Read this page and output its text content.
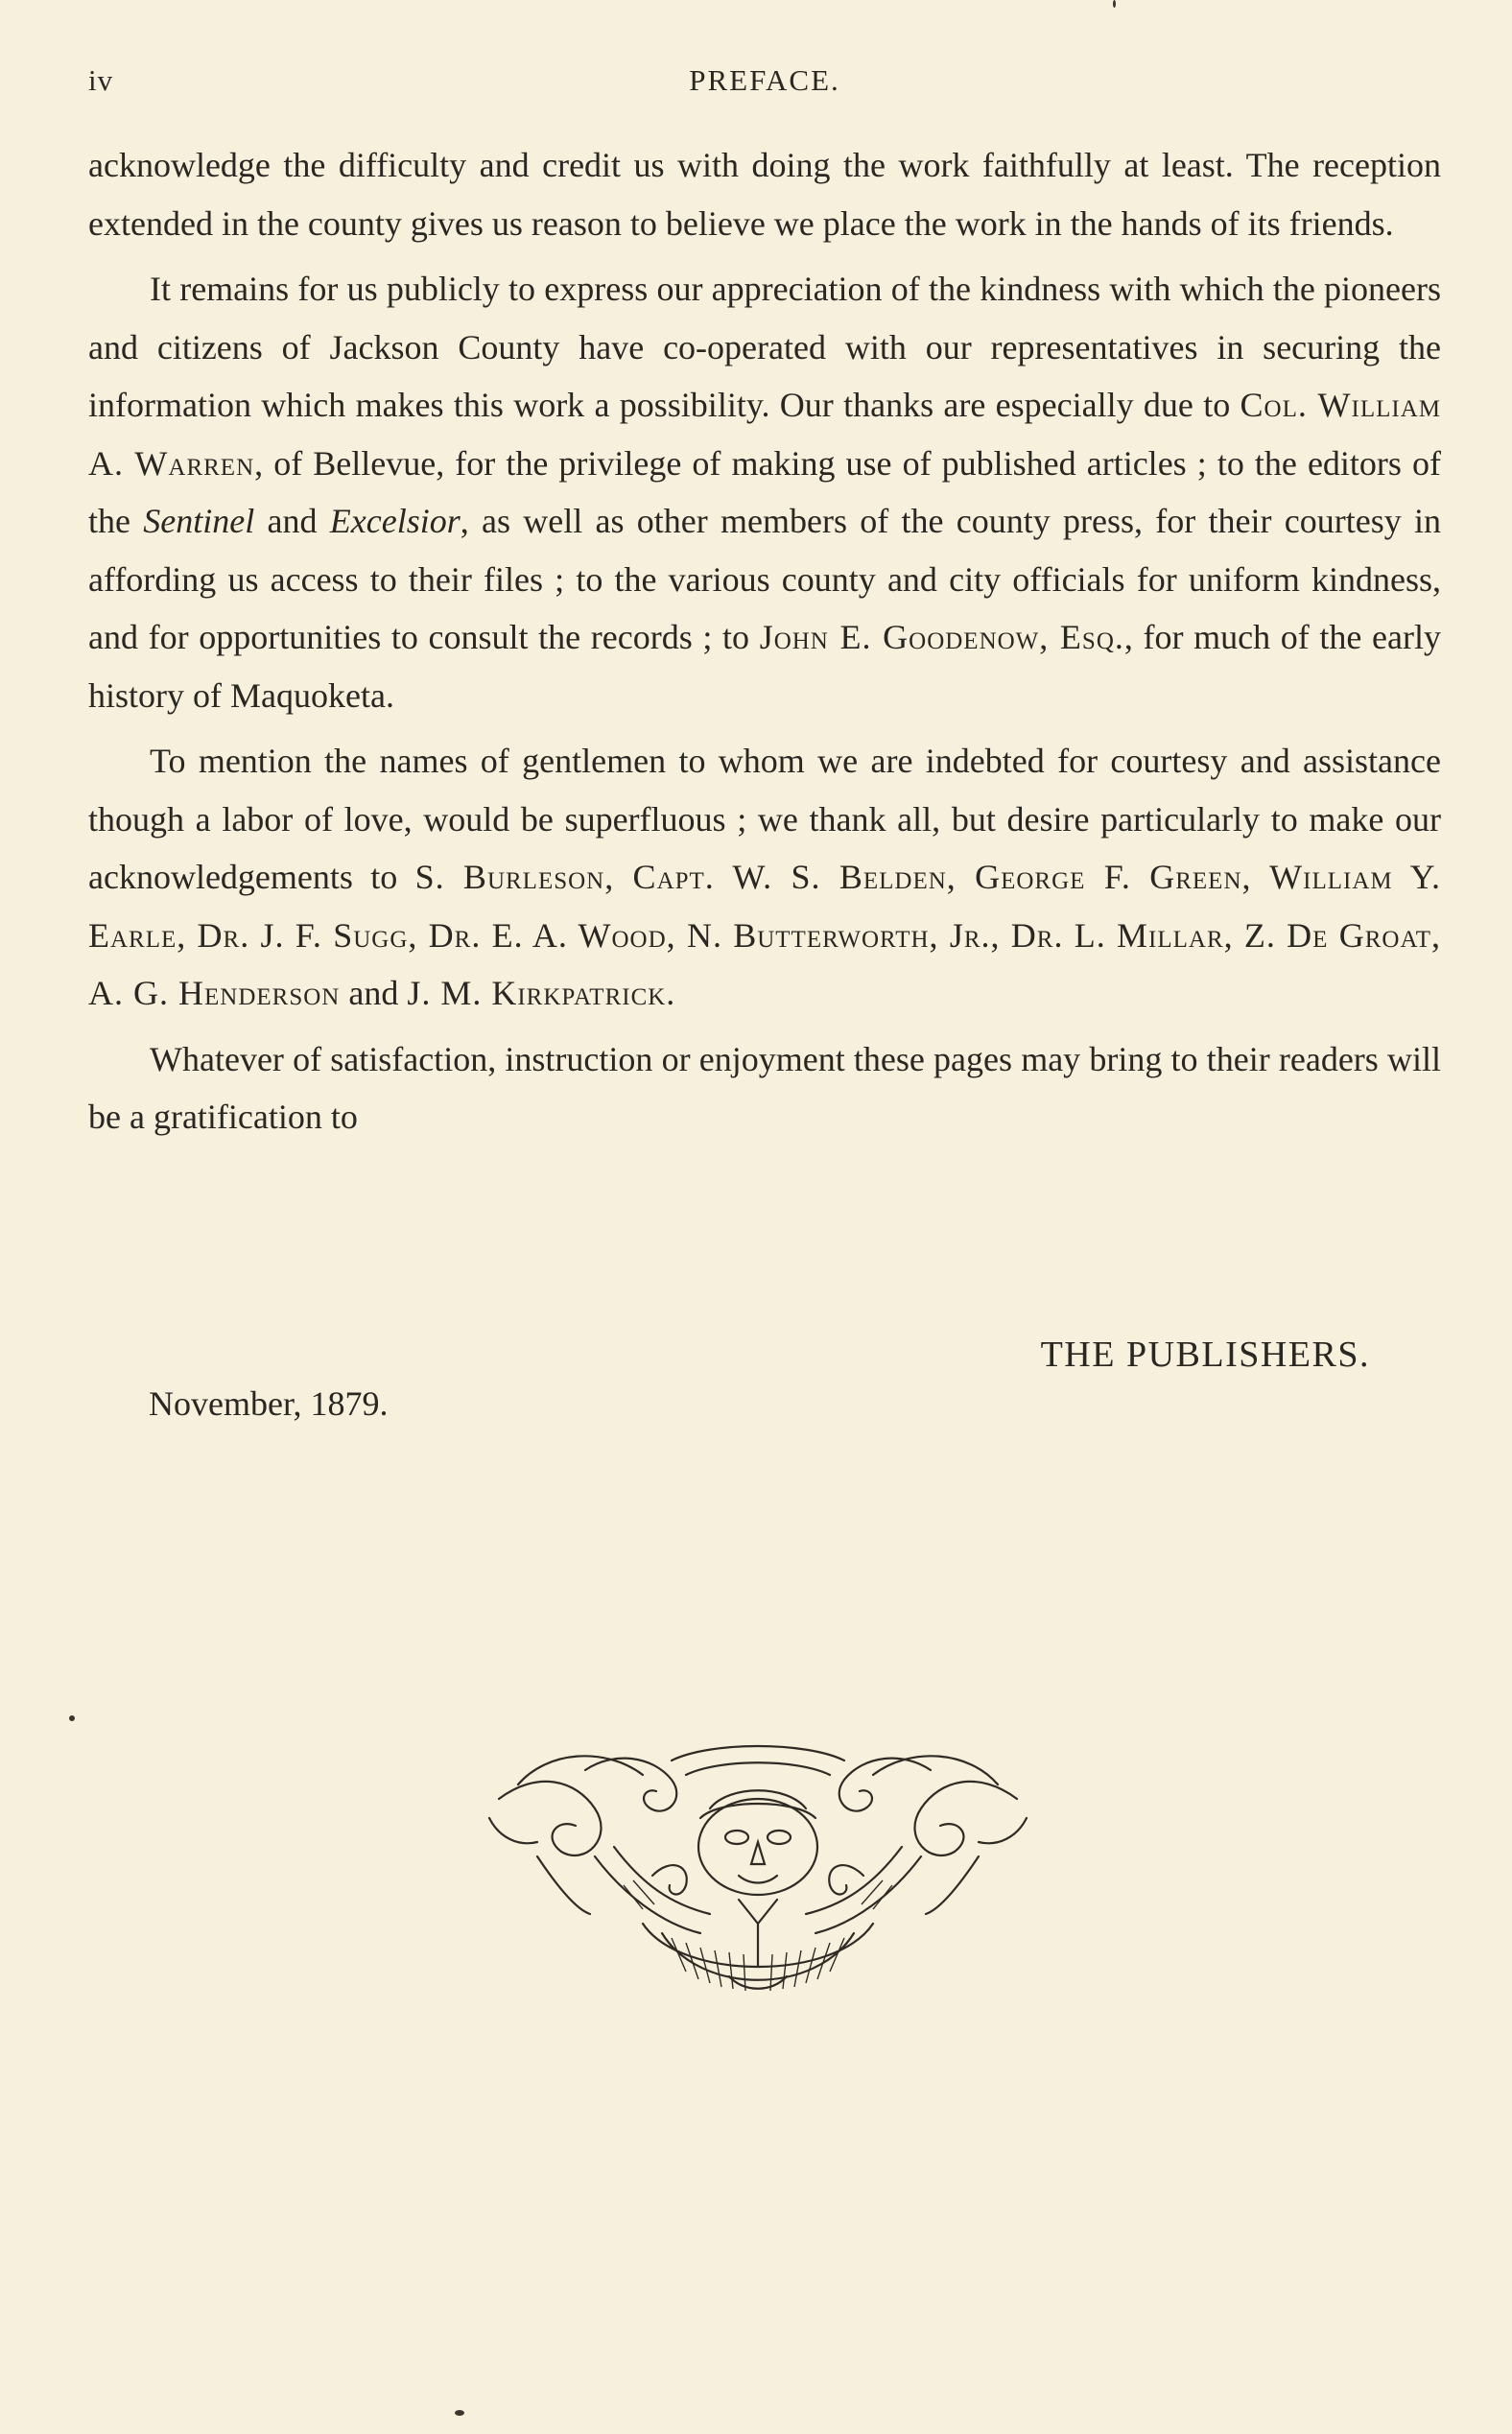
iv	PREFACE.

acknowledge the difficulty and credit us with doing the work faithfully at least. The reception extended in the county gives us reason to believe we place the work in the hands of its friends.

It remains for us publicly to express our appreciation of the kindness with which the pioneers and citizens of Jackson County have co-operated with our representatives in securing the information which makes this work a possibility. Our thanks are especially due to Col. William A. Warren, of Bellevue, for the privilege of making use of published articles ; to the editors of the Sentinel and Excelsior, as well as other members of the county press, for their courtesy in affording us access to their files ; to the various county and city officials for uniform kindness, and for opportunities to consult the records ; to John E. Goodenow, Esq., for much of the early history of Maquoketa.

To mention the names of gentlemen to whom we are indebted for courtesy and assistance though a labor of love, would be superfluous ; we thank all, but desire particularly to make our acknowledgements to S. Burleson, Capt. W. S. Belden, George F. Green, William Y. Earle, Dr. J. F. Sugg, Dr. E. A. Wood, N. Butterworth, Jr., Dr. L. Millar, Z. De Groat, A. G. Henderson and J. M. Kirkpatrick.

Whatever of satisfaction, instruction or enjoyment these pages may bring to their readers will be a gratification to

THE PUBLISHERS.
November, 1879.
